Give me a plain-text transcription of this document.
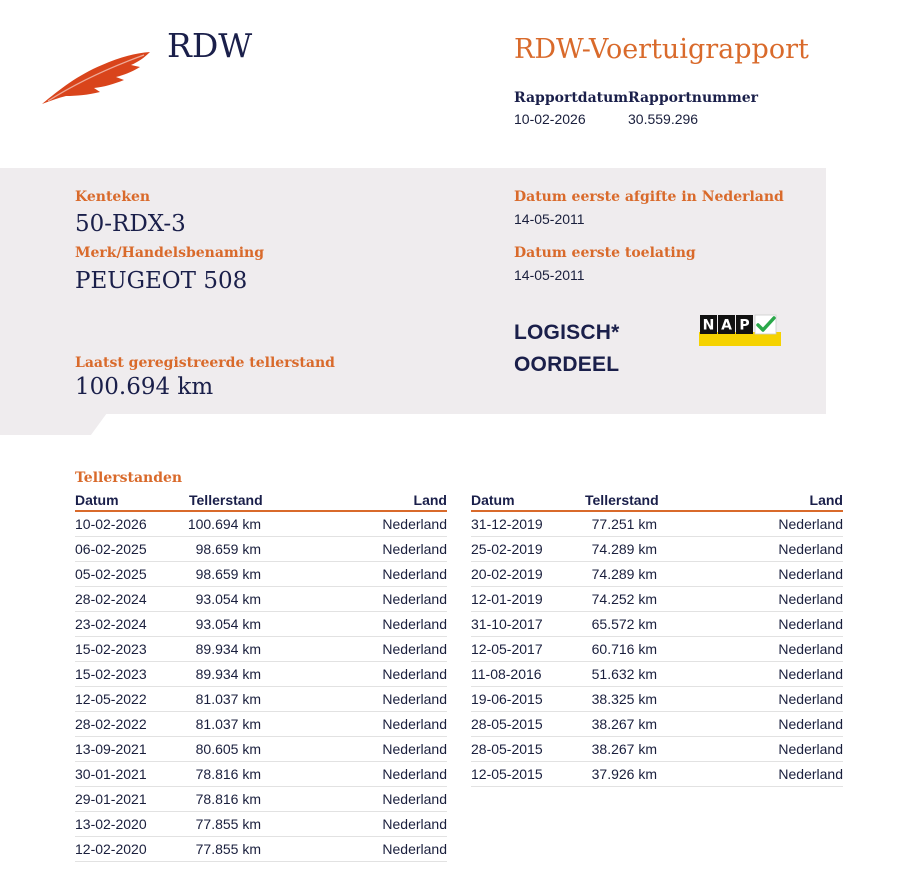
RDW	RDW-Voertuigrapport
Rapportdatum
10-02-2026
Rapportnummer
30.559.296
Kenteken
50-RDX-3
Merk/Handelsbenaming
PEUGEOT 508
Laatst geregistreerde tellerstand
100.694 km
Datum eerste afgifte in Nederland
14-05-2011
Datum eerste toelating
14-05-2011
LOGISCH*
OORDEEL
N A P
Tellerstanden
Datum	Tellerstand	Land
10-02-2026	100.694 km	Nederland
06-02-2025	98.659 km	Nederland
05-02-2025	98.659 km	Nederland
28-02-2024	93.054 km	Nederland
23-02-2024	93.054 km	Nederland
15-02-2023	89.934 km	Nederland
15-02-2023	89.934 km	Nederland
12-05-2022	81.037 km	Nederland
28-02-2022	81.037 km	Nederland
13-09-2021	80.605 km	Nederland
30-01-2021	78.816 km	Nederland
29-01-2021	78.816 km	Nederland
13-02-2020	77.855 km	Nederland
12-02-2020	77.855 km	Nederland
Datum	Tellerstand	Land
31-12-2019	77.251 km	Nederland
25-02-2019	74.289 km	Nederland
20-02-2019	74.289 km	Nederland
12-01-2019	74.252 km	Nederland
31-10-2017	65.572 km	Nederland
12-05-2017	60.716 km	Nederland
11-08-2016	51.632 km	Nederland
19-06-2015	38.325 km	Nederland
28-05-2015	38.267 km	Nederland
28-05-2015	38.267 km	Nederland
12-05-2015	37.926 km	Nederland
